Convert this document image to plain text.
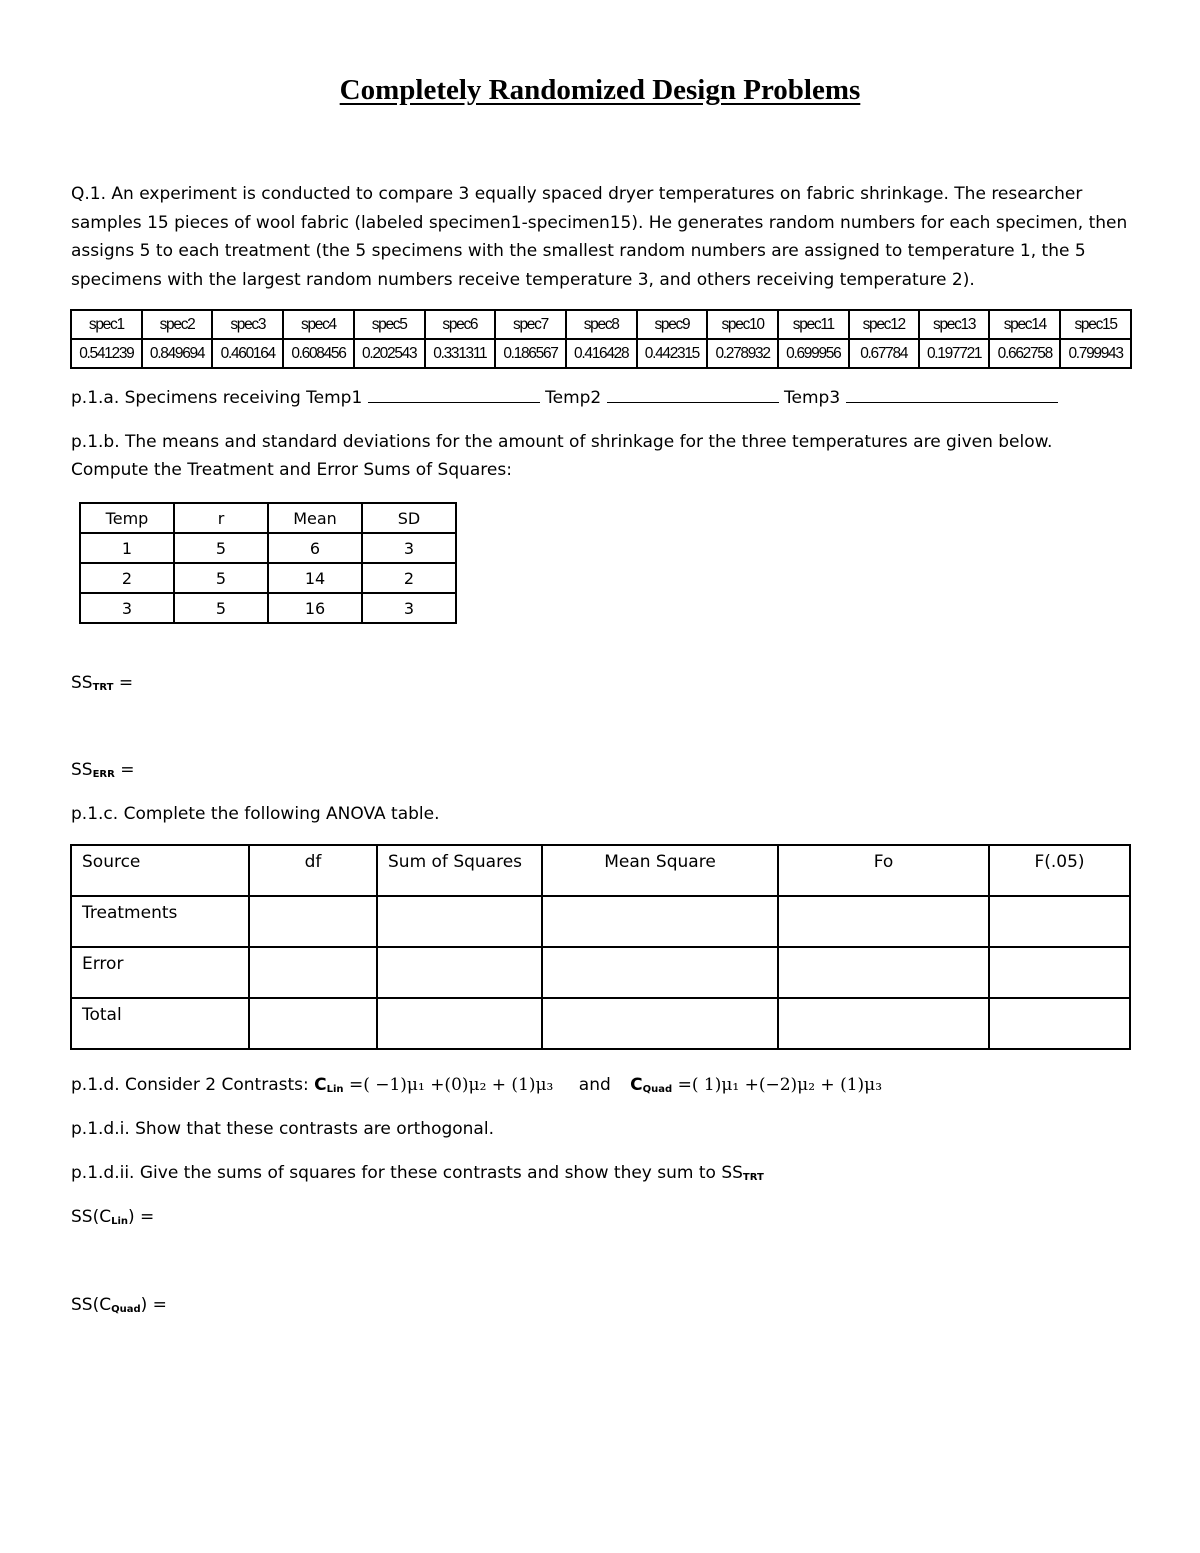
Completely Randomized Design Problems
Q.1. An experiment is conducted to compare 3 equally spaced dryer temperatures on fabric shrinkage. The researcher samples 15 pieces of wool fabric (labeled specimen1-specimen15). He generates random numbers for each specimen, then assigns 5 to each treatment (the 5 specimens with the smallest random numbers are assigned to temperature 1, the 5 specimens with the largest random numbers receive temperature 3, and others receiving temperature 2).
spec1	spec2	spec3	spec4	spec5	spec6	spec7	spec8	spec9	spec10	spec11	spec12	spec13	spec14	spec15
0.541239	0.849694	0.460164	0.608456	0.202543	0.331311	0.186567	0.416428	0.442315	0.278932	0.699956	0.67784	0.197721	0.662758	0.799943
p.1.a. Specimens receiving Temp1	Temp2	Temp3
p.1.b. The means and standard deviations for the amount of shrinkage for the three temperatures are given below.
Compute the Treatment and Error Sums of Squares:
Temp	r	Mean	SD
1	5	6	3
2	5	14	2
3	5	16	3
$SS_{TRT}$ =
$SS_{ERR}$ =
p.1.c. Complete the following ANOVA table.
Source	df	Sum of Squares	Mean Square	Fo	F(.05)
Treatments					
Error					
Total					
p.1.d. Consider 2 Contrasts: $C_{Lin}$ =( −1)μ₁ +(0)μ₂ + (1)μ₃ and $C_{Quad}$ =( 1)μ₁ +(−2)μ₂ + (1)μ₃
p.1.d.i. Show that these contrasts are orthogonal.
p.1.d.ii. Give the sums of squares for these contrasts and show they sum to $SS_{TRT}$
$SS(C_{Lin})$ =
$SS(C_{Quad})$ =
